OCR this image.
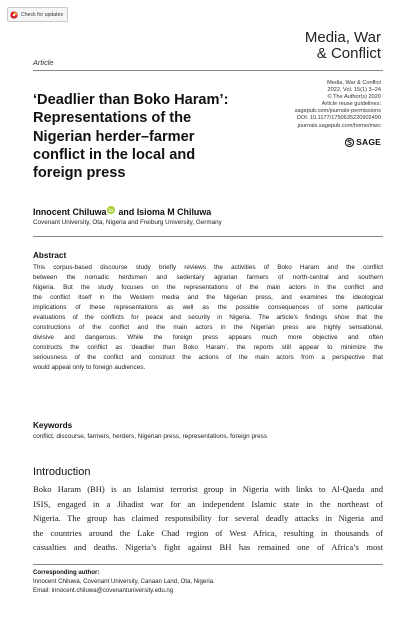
Check for updates
Media, War
& Conflict
Article
Media, War & Conflict
2022, Vol. 15(1) 3–24
© The Author(s) 2020
Article reuse guidelines:
sagepub.com/journals-permissions
DOI: 10.1177/1750635220902490
journals.sagepub.com/home/mwc
SAGE
‘Deadlier than Boko Haram’:
Representations of the
Nigerian herder–farmer
conflict in the local and
foreign press
Innocent Chiluwa and Isioma M Chiluwa
Covenant University, Ota, Nigeria and Freiburg University, Germany
Abstract
This corpus-based discourse study briefly reviews the activities of Boko Haram and the conflict
between the nomadic herdsmen and sedentary agrarian farmers of north-central and southern
Nigeria. But the study focuses on the representations of the main actors in the conflict and
the conflict itself in the Western media and the Nigerian press, and examines the ideological
implications of these representations as well as the possible consequences of some particular
evaluations of the conflicts for peace and security in Nigeria. The article’s findings show that the
constructions of the conflict and the main actors in the Nigerian press are highly sensational,
divisive and dangerous. While the foreign press appears much more objective and often
constructs the conflict as ‘deadlier than Boko Haram’, the reports still appear to minimize the
seriousness of the conflict and construct the actions of the main actors from a perspective that
would appeal only to foreign audiences.
Keywords
conflict, discourse, farmers, herders, Nigerian press, representations, foreign press
Introduction
Boko Haram (BH) is an Islamist terrorist group in Nigeria with links to Al-Qaeda and
ISIS, engaged in a Jihadist war for an independent Islamic state in the northeast of
Nigeria. The group has claimed responsibility for several deadly attacks in Nigeria and
the countries around the Lake Chad region of West Africa, resulting in thousands of
casualties and deaths. Nigeria’s fight against BH has remained one of Africa’s most
Corresponding author:
Innocent Chiluwa, Covenant University, Canaan Land, Ota, Nigeria.
Email: innocent.chiluwa@covenantuniversity.edu.ng
